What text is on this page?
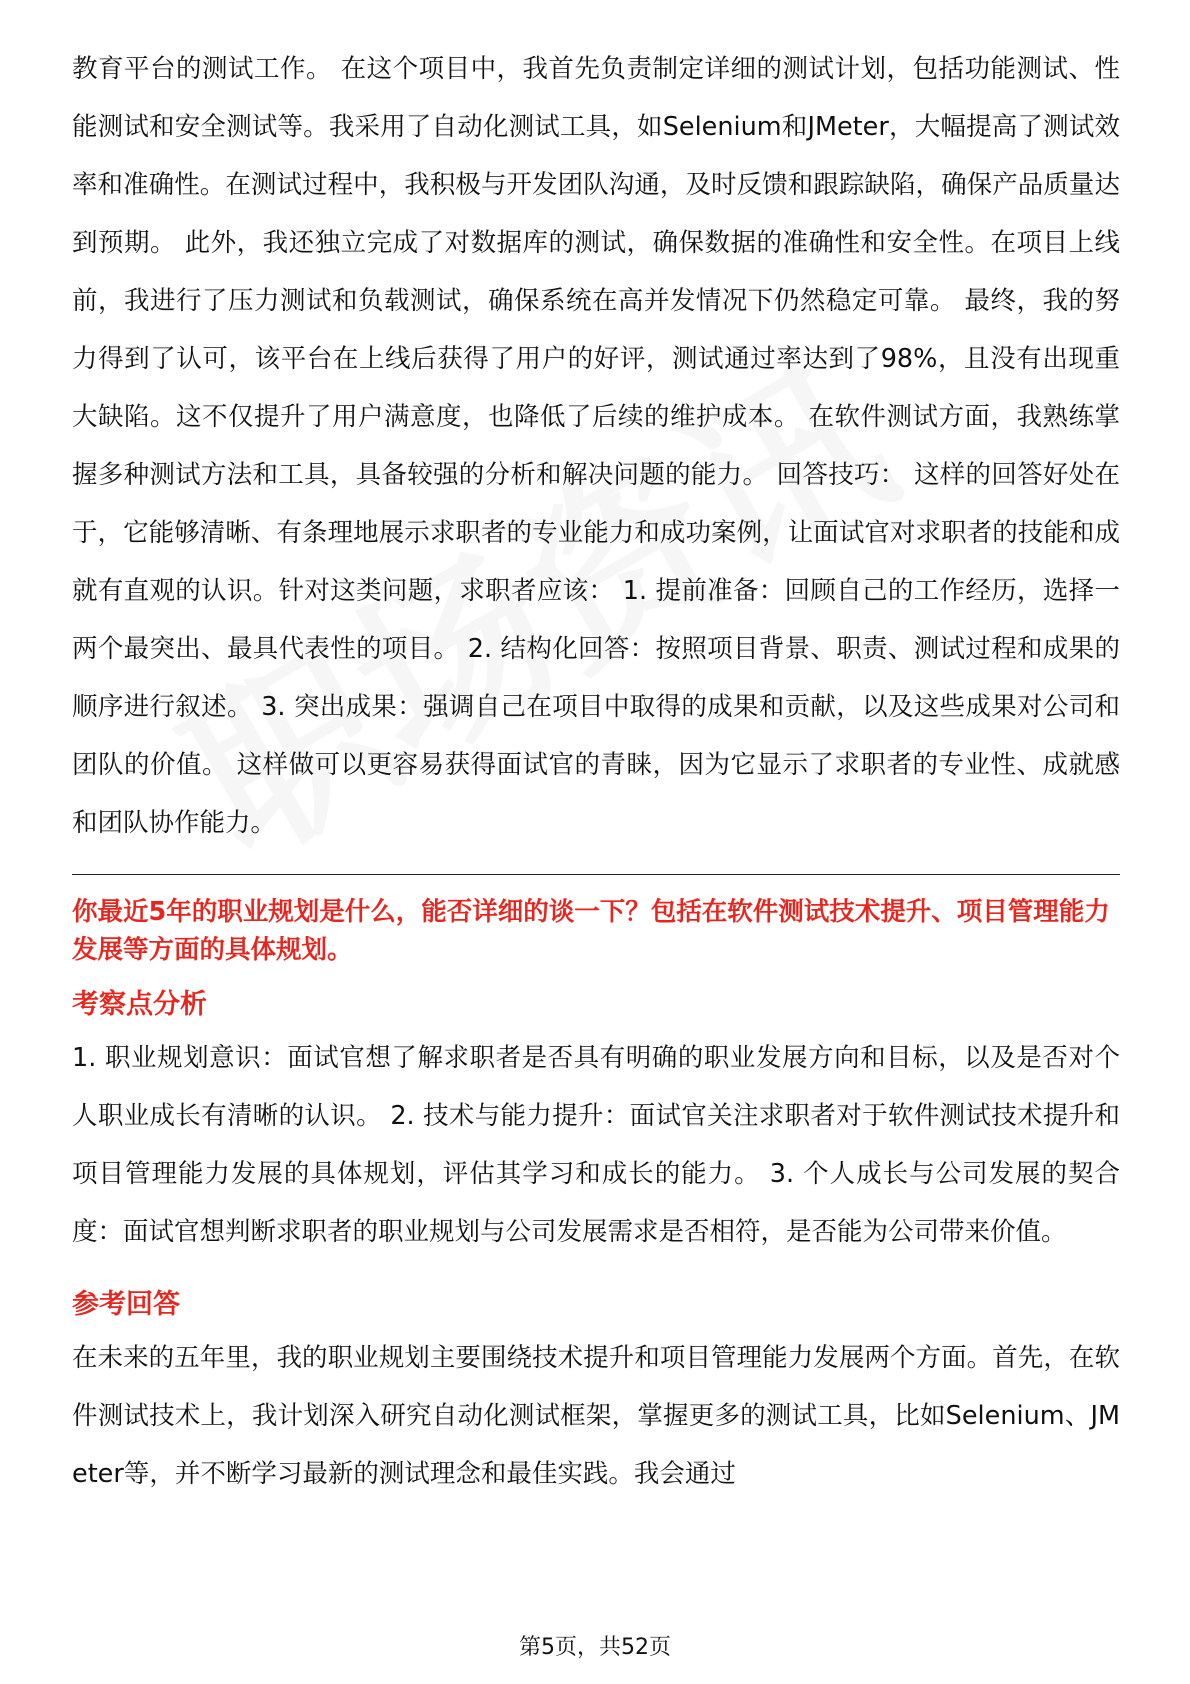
教育平台的测试工作。 在这个项目中，我首先负责制定详细的测试计划，包括功能测试、性能测试和安全测试等。我采用了自动化测试工具，如Selenium和JMeter，大幅提高了测试效率和准确性。在测试过程中，我积极与开发团队沟通，及时反馈和跟踪缺陷，确保产品质量达到预期。 此外，我还独立完成了对数据库的测试，确保数据的准确性和安全性。在项目上线前，我进行了压力测试和负载测试，确保系统在高并发情况下仍然稳定可靠。 最终，我的努力得到了认可，该平台在上线后获得了用户的好评，测试通过率达到了98%，且没有出现重大缺陷。这不仅提升了用户满意度，也降低了后续的维护成本。 在软件测试方面，我熟练掌握多种测试方法和工具，具备较强的分析和解决问题的能力。 回答技巧： 这样的回答好处在于，它能够清晰、有条理地展示求职者的专业能力和成功案例，让面试官对求职者的技能和成就有直观的认识。针对这类问题，求职者应该： 1. 提前准备：回顾自己的工作经历，选择一两个最突出、最具代表性的项目。 2. 结构化回答：按照项目背景、职责、测试过程和成果的顺序进行叙述。 3. 突出成果：强调自己在项目中取得的成果和贡献，以及这些成果对公司和团队的价值。 这样做可以更容易获得面试官的青睐，因为它显示了求职者的专业性、成就感和团队协作能力。

你最近5年的职业规划是什么，能否详细的谈一下？包括在软件测试技术提升、项目管理能力发展等方面的具体规划。

考察点分析

1. 职业规划意识：面试官想了解求职者是否具有明确的职业发展方向和目标，以及是否对个人职业成长有清晰的认识。 2. 技术与能力提升：面试官关注求职者对于软件测试技术提升和项目管理能力发展的具体规划，评估其学习和成长的能力。 3. 个人成长与公司发展的契合度：面试官想判断求职者的职业规划与公司发展需求是否相符，是否能为公司带来价值。

参考回答

在未来的五年里，我的职业规划主要围绕技术提升和项目管理能力发展两个方面。首先，在软件测试技术上，我计划深入研究自动化测试框架，掌握更多的测试工具，比如Selenium、JMeter等，并不断学习最新的测试理念和最佳实践。我会通过

第5页，共52页
